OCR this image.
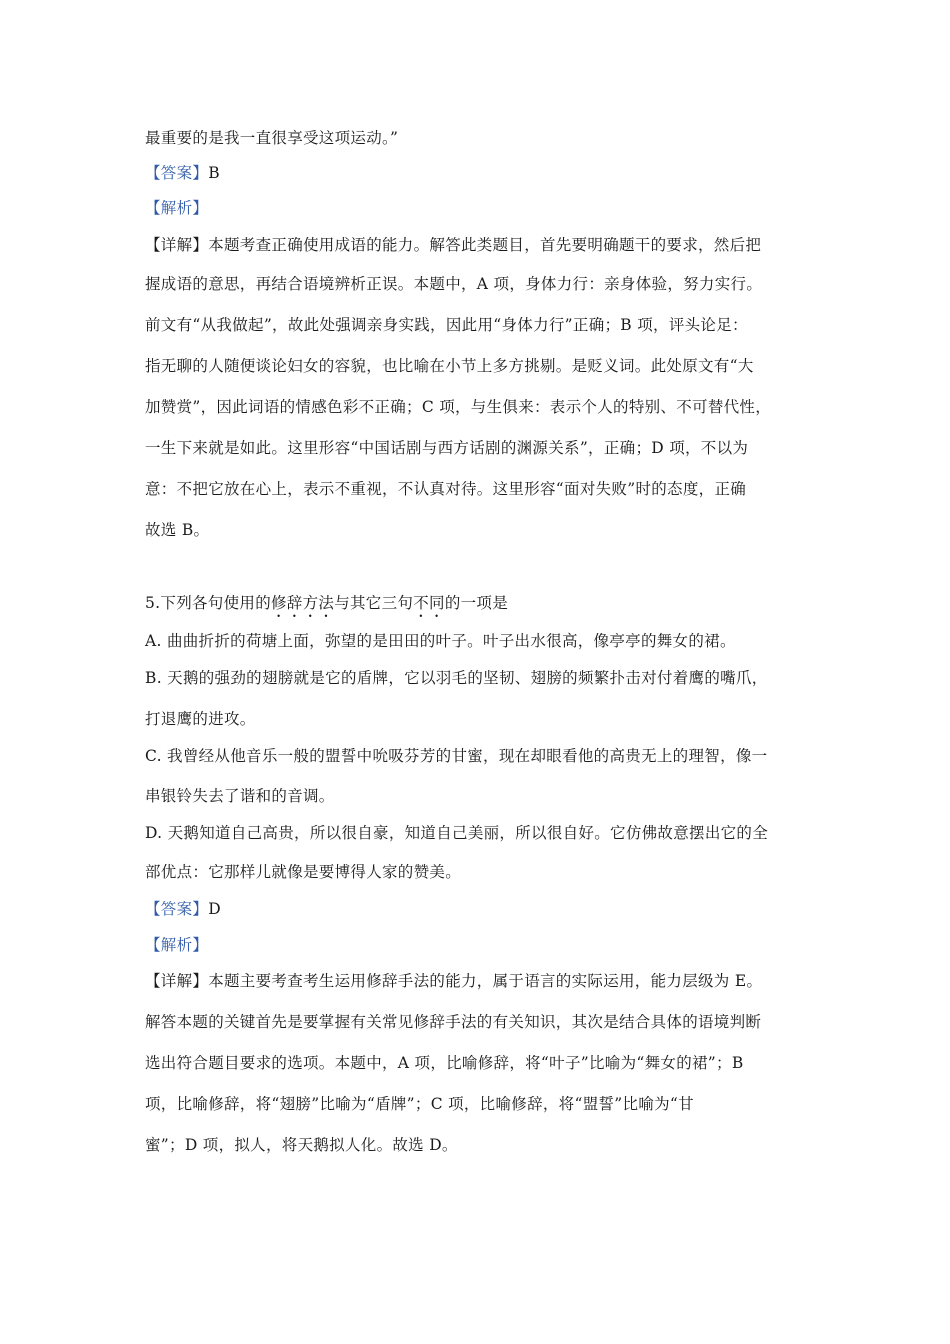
最重要的是我一直很享受这项运动。”
【答案】B
【解析】
【详解】本题考查正确使用成语的能力。解答此类题目，首先要明确题干的要求，然后把
握成语的意思，再结合语境辨析正误。本题中，A 项，身体力行：亲身体验，努力实行。
前文有“从我做起”，故此处强调亲身实践，因此用“身体力行”正确；B 项，评头论足：
指无聊的人随便谈论妇女的容貌，也比喻在小节上多方挑剔。是贬义词。此处原文有“大
加赞赏”，因此词语的情感色彩不正确；C 项，与生俱来：表示个人的特别、不可替代性，
一生下来就是如此。这里形容“中国话剧与西方话剧的渊源关系”，正确；D 项，不以为
意：不把它放在心上，表示不重视，不认真对待。这里形容“面对失败”时的态度，正确
故选 B。
5.下列各句使用的修辞方法与其它三句不同的一项是
A. 曲曲折折的荷塘上面，弥望的是田田的叶子。叶子出水很高，像亭亭的舞女的裙。
B. 天鹅的强劲的翅膀就是它的盾牌，它以羽毛的坚韧、翅膀的频繁扑击对付着鹰的嘴爪，
打退鹰的进攻。
C. 我曾经从他音乐一般的盟誓中吮吸芬芳的甘蜜，现在却眼看他的高贵无上的理智，像一
串银铃失去了谐和的音调。
D. 天鹅知道自己高贵，所以很自豪，知道自己美丽，所以很自好。它仿佛故意摆出它的全
部优点：它那样儿就像是要博得人家的赞美。
【答案】D
【解析】
【详解】本题主要考查考生运用修辞手法的能力，属于语言的实际运用，能力层级为 E。
解答本题的关键首先是要掌握有关常见修辞手法的有关知识，其次是结合具体的语境判断
选出符合题目要求的选项。本题中，A 项，比喻修辞，将“叶子”比喻为“舞女的裙”；B
项，比喻修辞，将“翅膀”比喻为“盾牌”；C 项，比喻修辞，将“盟誓”比喻为“甘
蜜”；D 项，拟人，将天鹅拟人化。故选 D。
